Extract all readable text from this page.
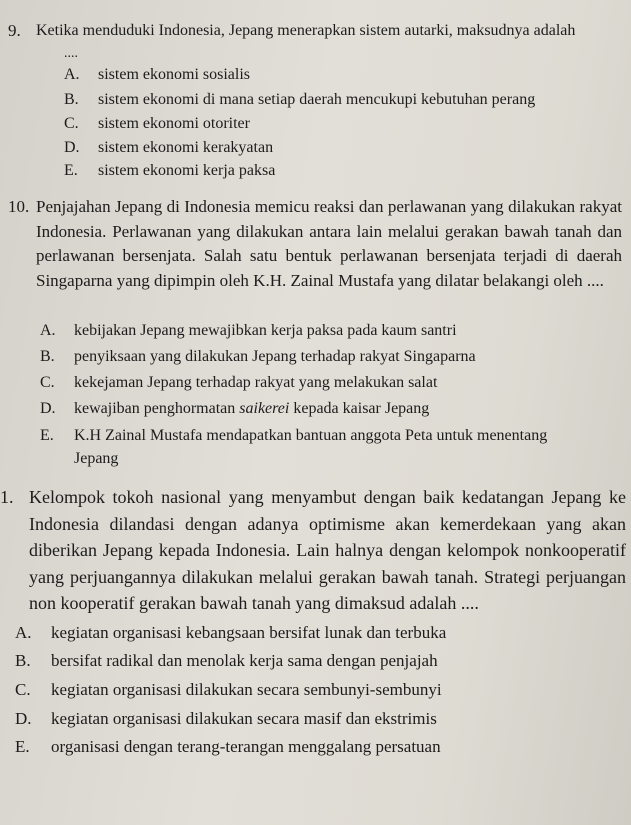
9. Ketika menduduki Indonesia, Jepang menerapkan sistem autarki, maksudnya adalah

....
A. sistem ekonomi sosialis
B. sistem ekonomi di mana setiap daerah mencukupi kebutuhan perang
C. sistem ekonomi otoriter
D. sistem ekonomi kerakyatan
E. sistem ekonomi kerja paksa
10. Penjajahan Jepang di Indonesia memicu reaksi dan perlawanan yang dilakukan rakyat Indonesia. Perlawanan yang dilakukan antara lain melalui gerakan bawah tanah dan perlawanan bersenjata. Salah satu bentuk perlawanan bersenjata terjadi di daerah Singaparna yang dipimpin oleh K.H. Zainal Mustafa yang dilatar belakangi oleh ....

A. kebijakan Jepang mewajibkan kerja paksa pada kaum santri
B. penyiksaan yang dilakukan Jepang terhadap rakyat Singaparna
C. kekejaman Jepang terhadap rakyat yang melakukan salat
D. kewajiban penghormatan saikerei kepada kaisar Jepang
E. K.H Zainal Mustafa mendapatkan bantuan anggota Peta untuk menentang
Jepang
1. Kelompok tokoh nasional yang menyambut dengan baik kedatangan Jepang ke Indonesia dilandasi dengan adanya optimisme akan kemerdekaan yang akan diberikan Jepang kepada Indonesia. Lain halnya dengan kelompok nonkooperatif yang perjuangannya dilakukan melalui gerakan bawah tanah. Strategi perjuangan non kooperatif gerakan bawah tanah yang dimaksud adalah ....

A. kegiatan organisasi kebangsaan bersifat lunak dan terbuka
B. bersifat radikal dan menolak kerja sama dengan penjajah
C. kegiatan organisasi dilakukan secara sembunyi-sembunyi
D. kegiatan organisasi dilakukan secara masif dan ekstrimis
E. organisasi dengan terang-terangan menggalang persatuan
